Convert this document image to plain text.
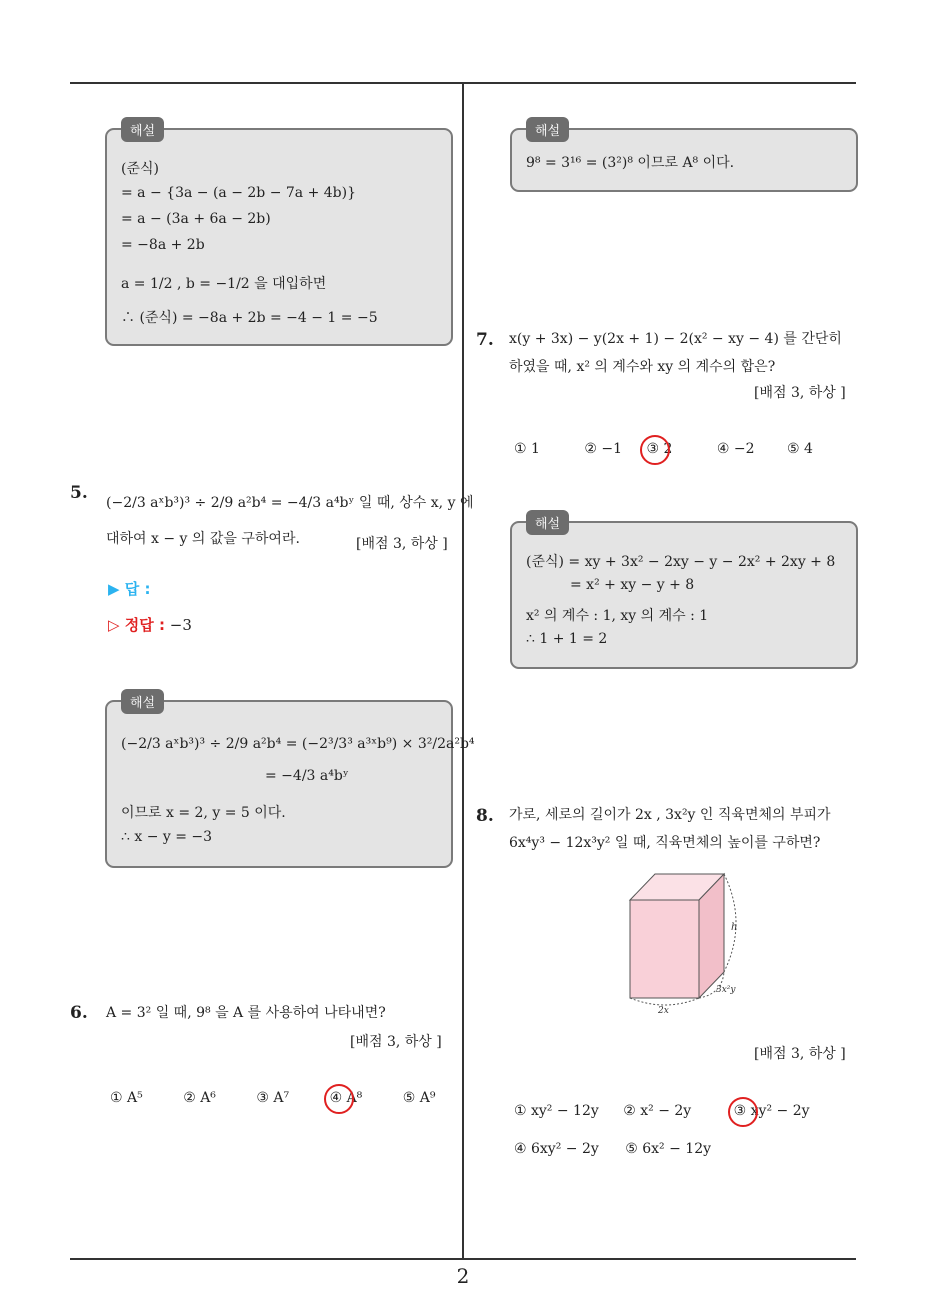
해설
(준식)
= a − {3a − (a − 2b − 7a + 4b)}
= a − (3a + 6a − 2b)
= −8a + 2b
a = 1/2 , b = −1/2 을 대입하면
∴ (준식) = −8a + 2b = −4 − 1 = −5
5. (−2/3 aˣb³)³ ÷ 2/9 a²b⁴ = −4/3 a⁴bʸ 일 때, 상수 x, y 에
대하여 x − y 의 값을 구하여라.	[배점 3, 하상 ]
▶ 답 :
▷ 정답 : −3
해설
(−2/3 aˣb³)³ ÷ 2/9 a²b⁴ = (−2³/3³ a³ˣb⁹) × 3²/2a²b⁴
= −4/3 a⁴bʸ
이므로 x = 2, y = 5 이다.
∴ x − y = −3
6. A = 3² 일 때, 9⁸ 을 A 를 사용하여 나타내면?
[배점 3, 하상 ]
① A⁵	② A⁶	③ A⁷	④ A⁸	⑤ A⁹
해설
9⁸ = 3¹⁶ = (3²)⁸ 이므로 A⁸ 이다.
7. x(y + 3x) − y(2x + 1) − 2(x² − xy − 4) 를 간단히
하였을 때, x² 의 계수와 xy 의 계수의 합은?
[배점 3, 하상 ]
① 1	② −1 ③ 2	④ −2 ⑤ 4
해설
(준식) = xy + 3x² − 2xy − y − 2x² + 2xy + 8
= x² + xy − y + 8
x² 의 계수 : 1, xy 의 계수 : 1
∴ 1 + 1 = 2
8. 가로, 세로의 길이가 2x , 3x²y 인 직육면체의 부피가
6x⁴y³ − 12x³y² 일 때, 직육면체의 높이를 구하면?
h
3x²y
2x
[배점 3, 하상 ]
① xy² − 12y ② x² − 2y	③ xy² − 2y
④ 6xy² − 2y ⑤ 6x² − 12y
2
